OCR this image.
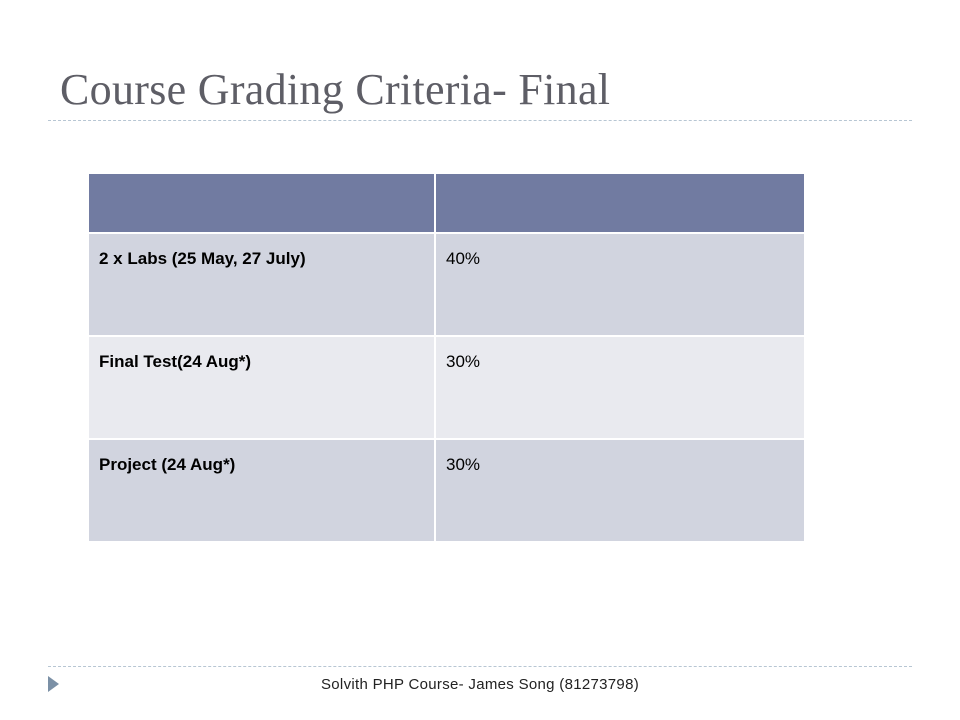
Course Grading Criteria- Final

2 x Labs (25 May, 27 July)	40%

Final Test(24 Aug*)	30%

Project (24 Aug*)	30%
Solvith PHP Course- James Song (81273798)
